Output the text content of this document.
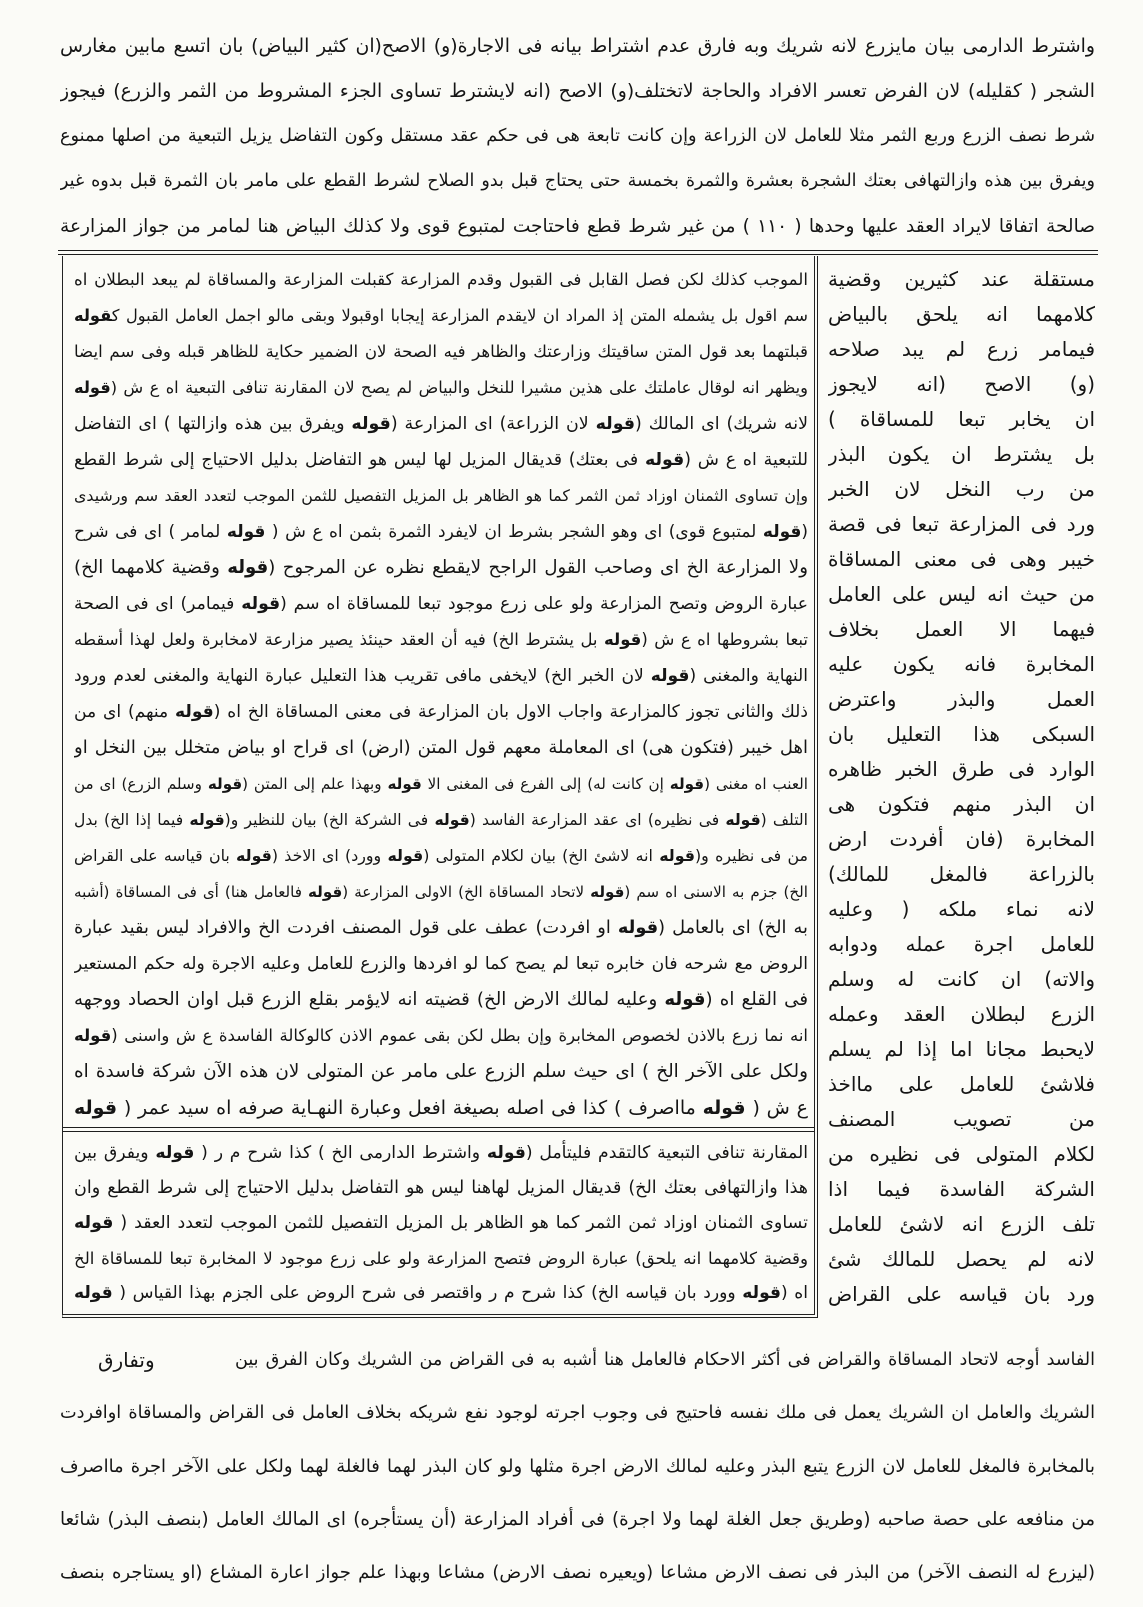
واشترط الدارمى بيان مايزرع لانه شريك وبه فارق عدم اشتراط بيانه فى الاجارة(و) الاصح(ان كثير البياض) بان اتسع مابين مغارس
الشجر ( كقليله) لان الفرض تعسر الافراد والحاجة لاتختلف(و) الاصح (انه لايشترط تساوى الجزء المشروط من الثمر والزرع) فيجوز
شرط نصف الزرع وربع الثمر مثلا للعامل لان الزراعة وإن كانت تابعة هى فى حكم عقد مستقل وكون التفاضل يزيل التبعية من اصلها ممنوع
ويفرق بين هذه وازالتهافى بعتك الشجرة بعشرة والثمرة بخمسة حتى يحتاج قبل بدو الصلاح لشرط القطع على مامر بان الثمرة قبل بدوه غير
صالحة اتفاقا لايراد العقد عليها وحدها ( ١١٠ ) من غير شرط قطع فاحتاجت لمتبوع قوى ولا كذلك البياض هنا لمامر من جواز المزارعة
الموجب كذلك لكن فصل القابل فى القبول وقدم المزارعة كقبلت المزارعة والمساقاة لم يبعد البطلان اه
سم اقول بل يشمله المتن إذ المراد ان لايقدم المزارعة إيجابا اوقبولا وبقى مالو اجمل العامل القبول كقوله
قبلتهما بعد قول المتن ساقيتك وزارعتك والظاهر فيه الصحة لان الضمير حكاية للظاهر قبله وفى سم ايضا
ويظهر انه لوقال عاملتك على هذين مشيرا للنخل والبياض لم يصح لان المقارنة تنافى التبعية اه ع ش (قوله
لانه شريك) اى المالك (قوله لان الزراعة) اى المزارعة (قوله ويفرق بين هذه وازالتها ) اى التفاضل
للتبعية اه ع ش (قوله فى بعتك) قديقال المزيل لها ليس هو التفاضل بدليل الاحتياج إلى شرط القطع
وإن تساوى الثمنان اوزاد ثمن الثمر كما هو الظاهر بل المزيل التفصيل للثمن الموجب لتعدد العقد سم ورشيدى
(قوله لمتبوع قوى) اى وهو الشجر بشرط ان لايفرد الثمرة بثمن اه ع ش ( قوله لمامر ) اى فى شرح
ولا المزارعة الخ اى وصاحب القول الراجح لايقطع نظره عن المرجوح (قوله وقضية كلامهما الخ)
عبارة الروض وتصح المزارعة ولو على زرع موجود تبعا للمساقاة اه سم (قوله فيمامر) اى فى الصحة
تبعا بشروطها اه ع ش (قوله بل يشترط الخ) فيه أن العقد حينئذ يصير مزارعة لامخابرة ولعل لهذا أسقطه
النهاية والمغنى (قوله لان الخبر الخ) لايخفى مافى تقريب هذا التعليل عبارة النهاية والمغنى لعدم ورود
ذلك والثانى تجوز كالمزارعة واجاب الاول بان المزارعة فى معنى المساقاة الخ اه (قوله منهم) اى من
اهل خيبر (فتكون هى) اى المعاملة معهم قول المتن (ارض) اى قراح او بياض متخلل بين النخل او
العنب اه مغنى (قوله إن كانت له) إلى الفرع فى المغنى الا قوله وبهذا علم إلى المتن (قوله وسلم الزرع) اى من
التلف (قوله فى نظيره) اى عقد المزارعة الفاسد (قوله فى الشركة الخ) بيان للنظير و(قوله فيما إذا الخ) بدل
من فى نظيره و(قوله انه لاشئ الخ) بيان لكلام المتولى (قوله وورد) اى الاخذ (قوله بان قياسه على القراض
الخ) جزم به الاسنى اه سم (قوله لاتحاد المساقاة الخ) الاولى المزارعة (قوله فالعامل هنا) أى فى المساقاة (أشبه
به الخ) اى بالعامل (قوله او افردت) عطف على قول المصنف افردت الخ والافراد ليس بقيد عبارة
الروض مع شرحه فان خابره تبعا لم يصح كما لو افردها والزرع للعامل وعليه الاجرة وله حكم المستعير
فى القلع اه (قوله وعليه لمالك الارض الخ) قضيته انه لايؤمر بقلع الزرع قبل اوان الحصاد ووجهه
انه نما زرع بالاذن لخصوص المخابرة وإن بطل لكن بقى عموم الاذن كالوكالة الفاسدة ع ش واسنى (قوله
ولكل على الآخر الخ ) اى حيث سلم الزرع على مامر عن المتولى لان هذه الآن شركة فاسدة اه
ع ش ( قوله مااصرف ) كذا فى اصله بصيغة افعل وعبارة النهـاية صرفه اه سيد عمر ( قوله
المقارنة تنافى التبعية كالتقدم فليتأمل (قوله واشترط الدارمى الخ ) كذا شرح م ر ( قوله ويفرق بين
هذا وازالتهافى بعتك الخ) قديقال المزيل لهاهنا ليس هو التفاضل بدليل الاحتياج إلى شرط القطع وان
تساوى الثمنان اوزاد ثمن الثمر كما هو الظاهر بل المزيل التفصيل للثمن الموجب لتعدد العقد ( قوله
وقضية كلامهما انه يلحق) عبارة الروض فتصح المزارعة ولو على زرع موجود لا المخابرة تبعا للمساقاة الخ
اه (قوله وورد بان قياسه الخ) كذا شرح م ر واقتصر فى شرح الروض على الجزم بهذا القياس ( قوله
مستقلة عند كثيرين وقضية
كلامهما انه يلحق بالبياض
فيمامر زرع لم يبد صلاحه
(و) الاصح (انه لايجوز
ان يخابر تبعا للمساقاة )
بل يشترط ان يكون البذر
من رب النخل لان الخبر
ورد فى المزارعة تبعا فى قصة
خيبر وهى فى معنى المساقاة
من حيث انه ليس على العامل
فيهما الا العمل بخلاف
المخابرة فانه يكون عليه
العمل والبذر واعترض
السبكى هذا التعليل بان
الوارد فى طرق الخبر ظاهره
ان البذر منهم فتكون هى
المخابرة (فان أفردت ارض
بالزراعة فالمغل للمالك)
لانه نماء ملكه ( وعليه
للعامل اجرة عمله ودوابه
والاته) ان كانت له وسلم
الزرع لبطلان العقد وعمله
لايحبط مجانا اما إذا لم يسلم
فلاشئ للعامل على مااخذ
من تصويب المصنف
لكلام المتولى فى نظيره من
الشركة الفاسدة فيما اذا
تلف الزرع انه لاشئ للعامل
لانه لم يحصل للمالك شئ
ورد بان قياسه على القراض
الفاسد أوجه لاتحاد المساقاة والقراض فى أكثر الاحكام فالعامل هنا أشبه به فى القراض من الشريك وكان الفرق بين
وتفارق
الشريك والعامل ان الشريك يعمل فى ملك نفسه فاحتيج فى وجوب اجرته لوجود نفع شريكه بخلاف العامل فى القراض والمساقاة اوافردت
بالمخابرة فالمغل للعامل لان الزرع يتبع البذر وعليه لمالك الارض اجرة مثلها ولو كان البذر لهما فالغلة لهما ولكل على الآخر اجرة مااصرف
من منافعه على حصة صاحبه (وطريق جعل الغلة لهما ولا اجرة) فى أفراد المزارعة (أن يستأجره) اى المالك العامل (بنصف البذر) شائعا
(ليزرع له النصف الآخر) من البذر فى نصف الارض مشاعا (ويعيره نصف الارض) مشاعا وبهذا علم جواز اعارة المشاع (او يستاجره بنصف
